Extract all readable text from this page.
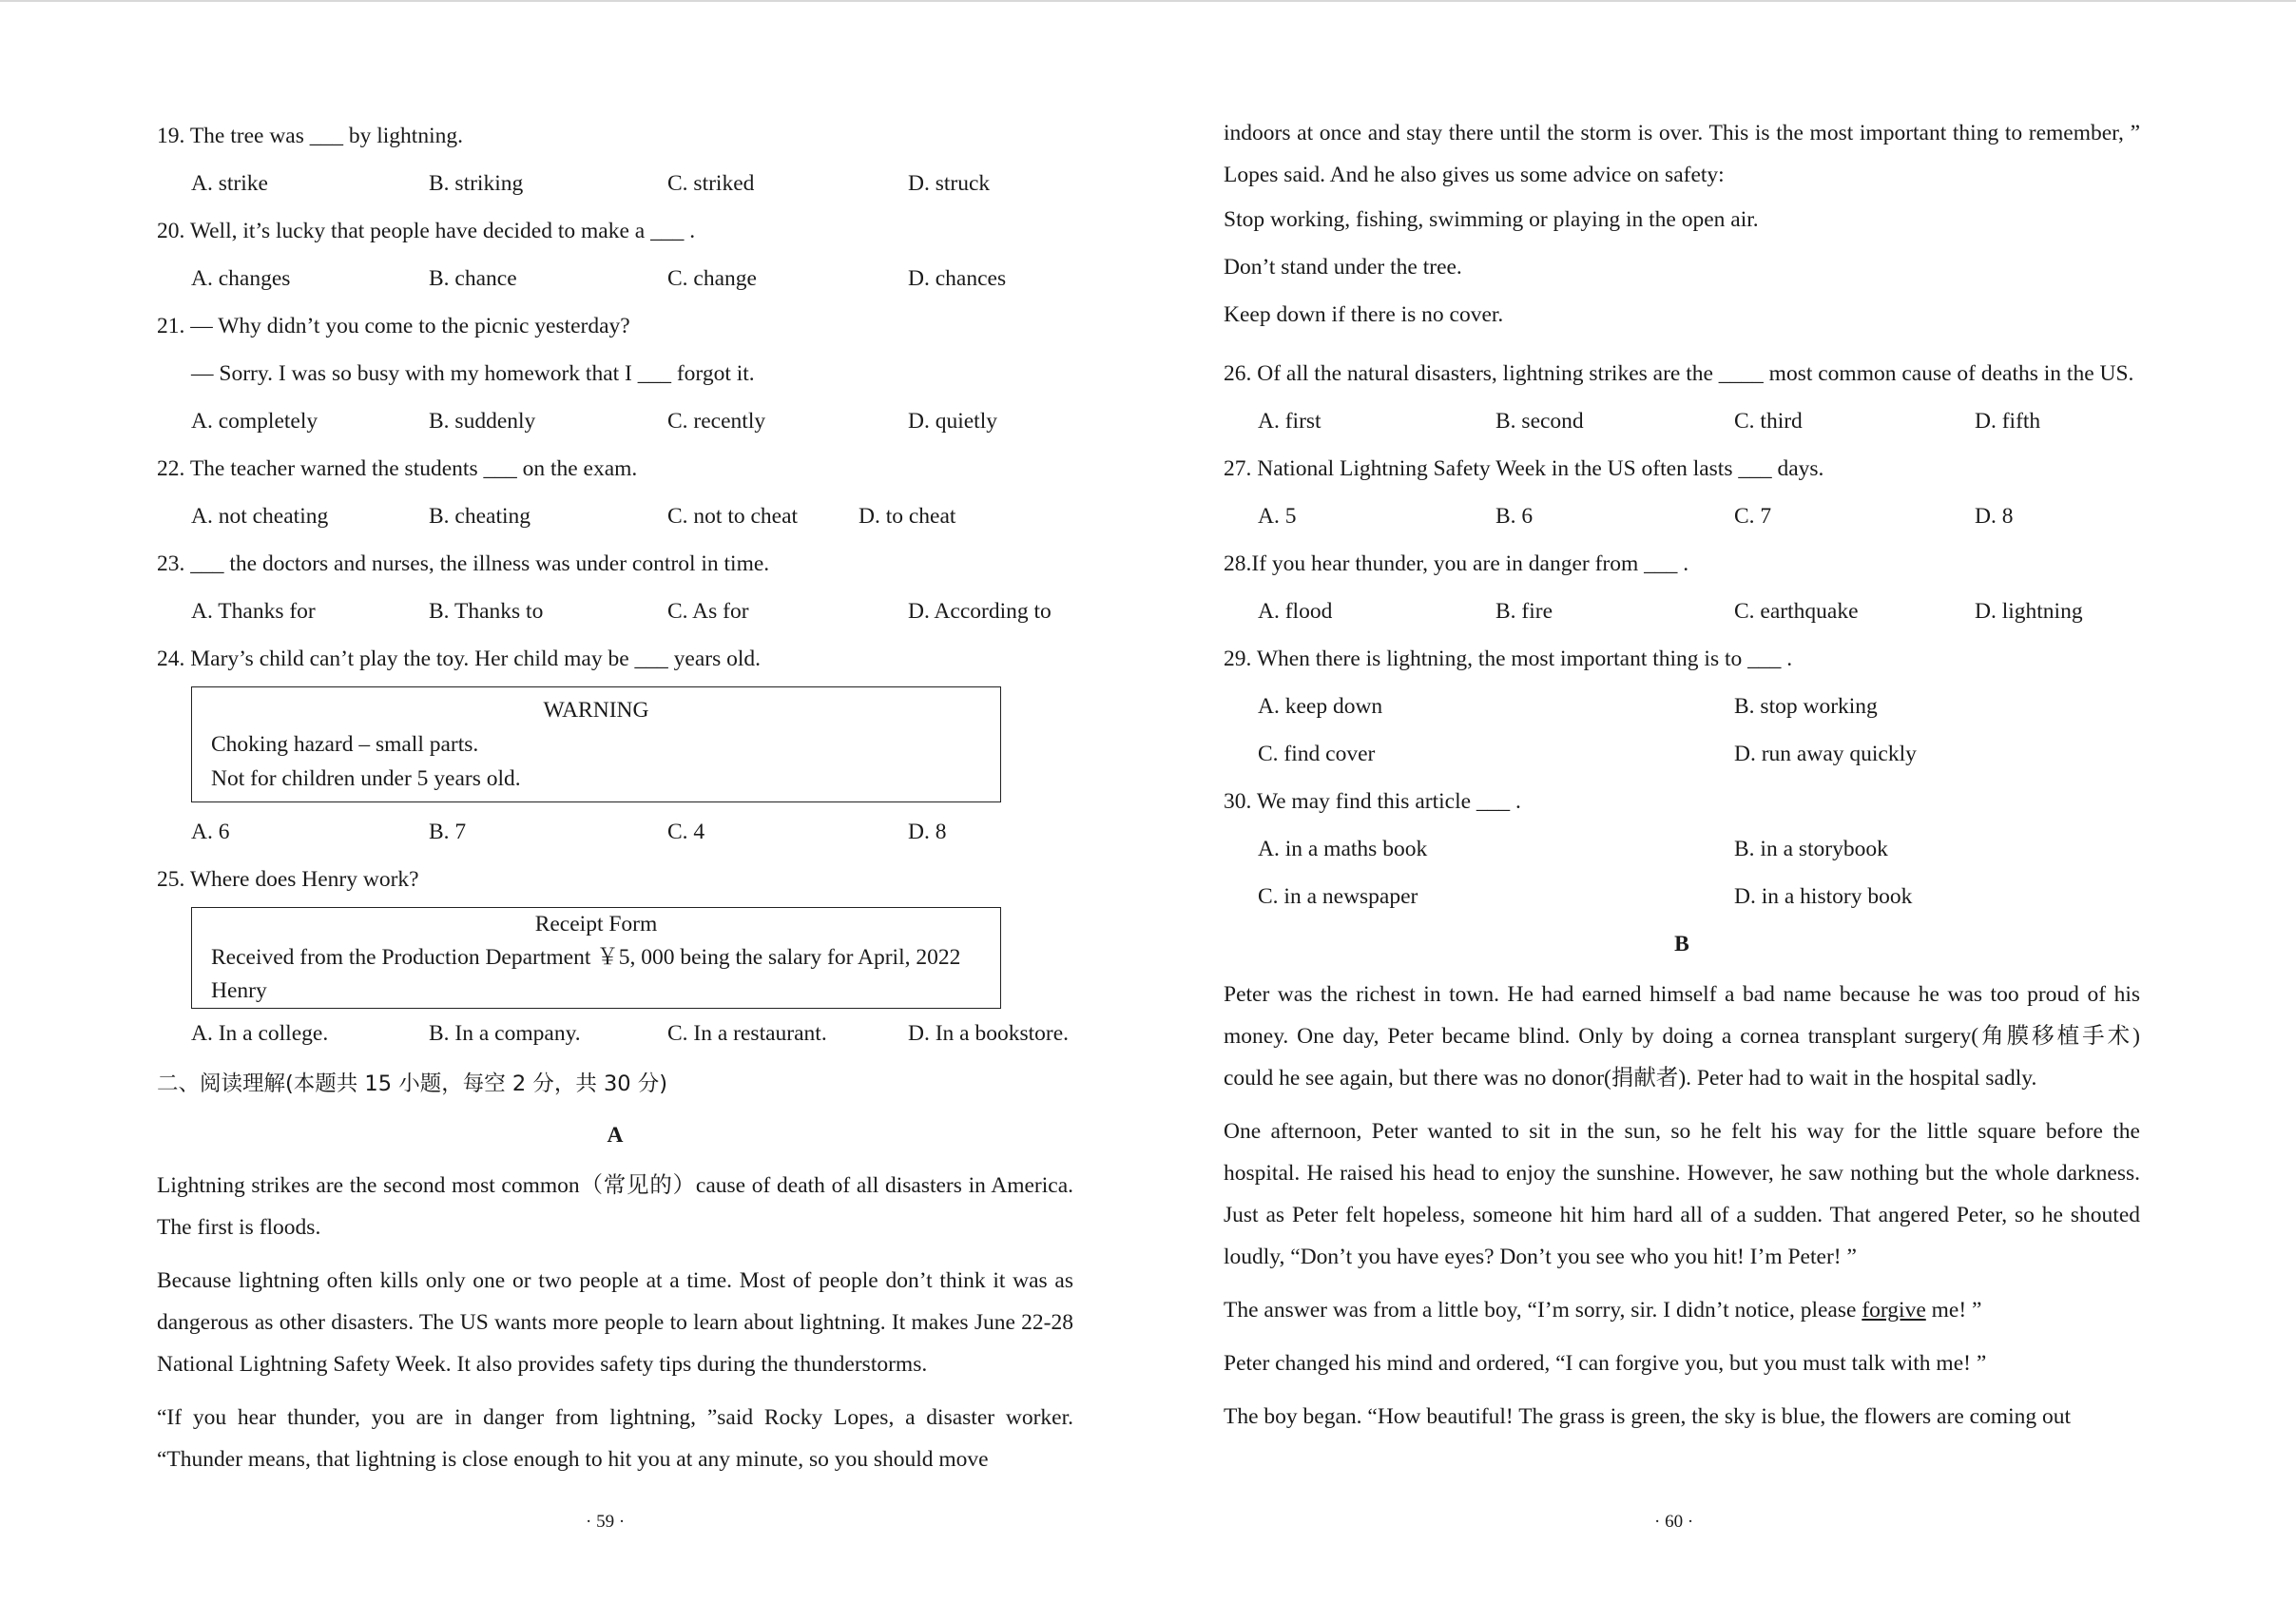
19. The tree was ___ by lightning.
A. strike	B. striking	C. striked	D. struck
20. Well, it’s lucky that people have decided to make a ___ .
A. changes	B. chance	C. change	D. chances
21. — Why didn’t you come to the picnic yesterday?
— Sorry. I was so busy with my homework that I ___ forgot it.
A. completely	B. suddenly	C. recently	D. quietly
22. The teacher warned the students ___ on the exam.
A. not cheating	B. cheating	C. not to cheat	D. to cheat
23. ___ the doctors and nurses, the illness was under control in time.
A. Thanks for	B. Thanks to	C. As for	D. According to
24. Mary’s child can’t play the toy. Her child may be ___ years old.
WARNING
Choking hazard – small parts.
Not for children under 5 years old.
A. 6	B. 7	C. 4	D. 8
25. Where does Henry work?
Receipt Form
Received from the Production Department ￥5, 000 being the salary for April, 2022
Henry
A. In a college.	B. In a company.	C. In a restaurant.	D. In a bookstore.
二、阅读理解(本题共 15 小题，每空 2 分，共 30 分)
A
Lightning strikes are the second most common（常见的）cause of death of all disasters in America. The first is floods.
Because lightning often kills only one or two people at a time. Most of people don’t think it was as dangerous as other disasters. The US wants more people to learn about lightning. It makes June 22-28 National Lightning Safety Week. It also provides safety tips during the thunderstorms.
“If you hear thunder, you are in danger from lightning, ”said Rocky Lopes, a disaster worker. “Thunder means, that lightning is close enough to hit you at any minute, so you should move
· 59 ·
indoors at once and stay there until the storm is over. This is the most important thing to remember, ” Lopes said. And he also gives us some advice on safety:
Stop working, fishing, swimming or playing in the open air.
Don’t stand under the tree.
Keep down if there is no cover.
26. Of all the natural disasters, lightning strikes are the ____ most common cause of deaths in the US.
A. first	B. second	C. third	D. fifth
27. National Lightning Safety Week in the US often lasts ___ days.
A. 5	B. 6	C. 7	D. 8
28.If you hear thunder, you are in danger from ___ .
A. flood	B. fire	C. earthquake	D. lightning
29. When there is lightning, the most important thing is to ___ .
A. keep down	B. stop working
C. find cover	D. run away quickly
30. We may find this article ___ .
A. in a maths book	B. in a storybook
C. in a newspaper	D. in a history book
B
Peter was the richest in town. He had earned himself a bad name because he was too proud of his money. One day, Peter became blind. Only by doing a cornea transplant surgery(角膜移植手术) could he see again, but there was no donor(捐献者). Peter had to wait in the hospital sadly.
One afternoon, Peter wanted to sit in the sun, so he felt his way for the little square before the hospital. He raised his head to enjoy the sunshine. However, he saw nothing but the whole darkness. Just as Peter felt hopeless, someone hit him hard all of a sudden. That angered Peter, so he shouted loudly, “Don’t you have eyes? Don’t you see who you hit! I’m Peter! ”
The answer was from a little boy, “I’m sorry, sir. I didn’t notice, please forgive me! ”
Peter changed his mind and ordered, “I can forgive you, but you must talk with me! ”
The boy began. “How beautiful! The grass is green, the sky is blue, the flowers are coming out
· 60 ·
